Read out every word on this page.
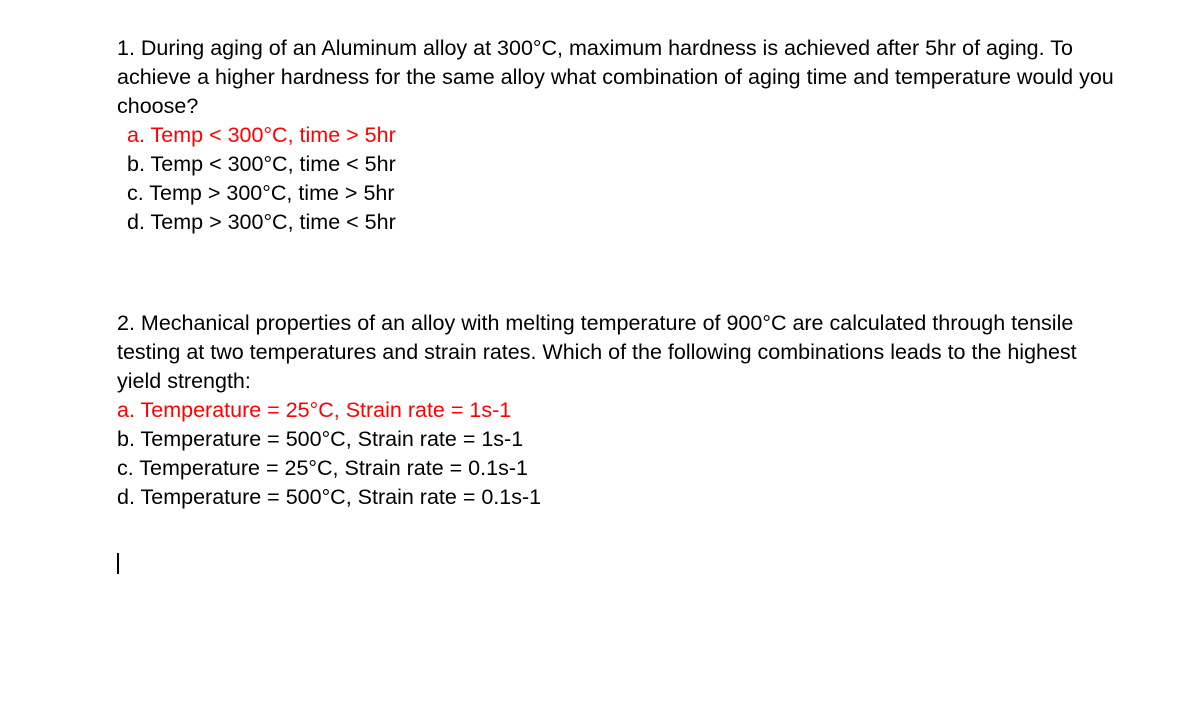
1. During aging of an Aluminum alloy at 300°C, maximum hardness is achieved after 5hr of aging. To achieve a higher hardness for the same alloy what combination of aging time and temperature would you choose?

a. Temp < 300°C, time > 5hr
b. Temp < 300°C, time < 5hr
c. Temp > 300°C, time > 5hr
d. Temp > 300°C, time < 5hr

2. Mechanical properties of an alloy with melting temperature of 900°C are calculated through tensile testing at two temperatures and strain rates. Which of the following combinations leads to the highest yield strength:

a. Temperature = 25°C, Strain rate = 1s-1
b. Temperature = 500°C, Strain rate = 1s-1
c. Temperature = 25°C, Strain rate = 0.1s-1
d. Temperature = 500°C, Strain rate = 0.1s-1
